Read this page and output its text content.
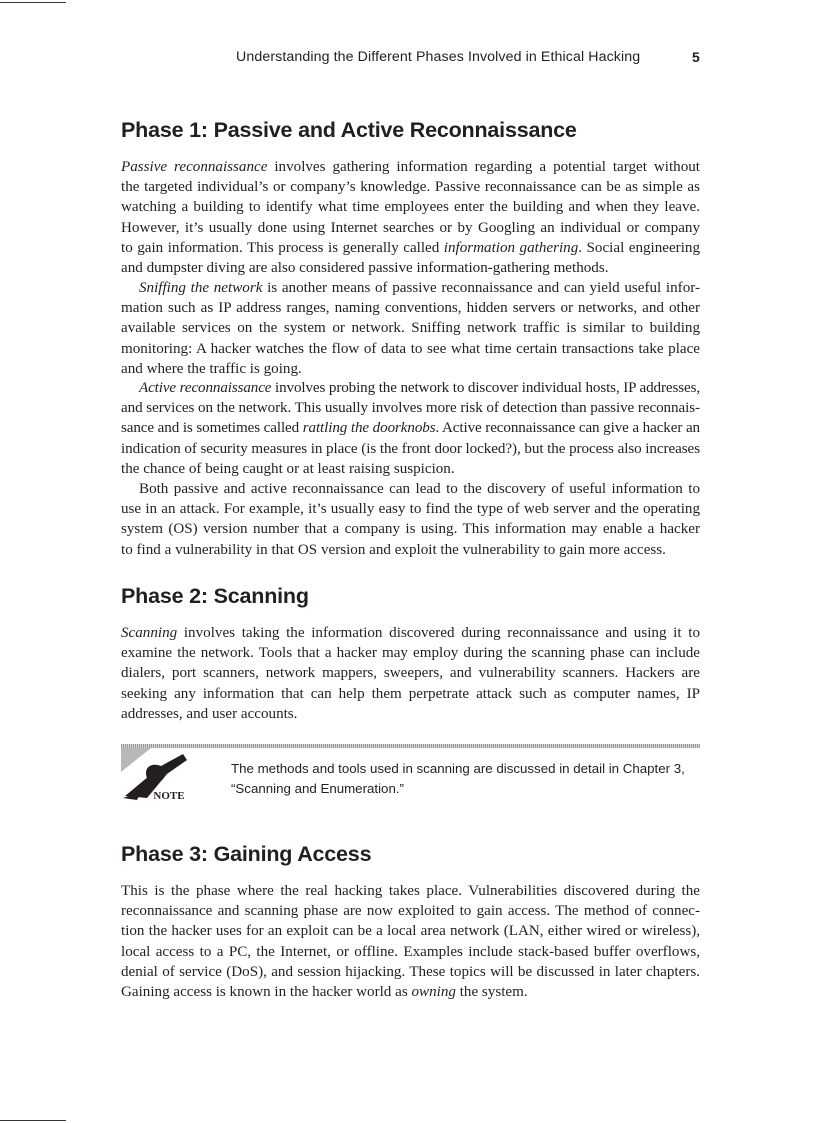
Understanding the Different Phases Involved in Ethical Hacking	5
Phase 1: Passive and Active Reconnaissance

Passive reconnaissance involves gathering information regarding a potential target without
the targeted individual’s or company’s knowledge. Passive reconnaissance can be as simple as
watching a building to identify what time employees enter the building and when they leave.
However, it’s usually done using Internet searches or by Googling an individual or company
to gain information. This process is generally called information gathering. Social engineering
and dumpster diving are also considered passive information-gathering methods.

Sniffing the network is another means of passive reconnaissance and can yield useful infor-
mation such as IP address ranges, naming conventions, hidden servers or networks, and other
available services on the system or network. Sniffing network traffic is similar to building
monitoring: A hacker watches the flow of data to see what time certain transactions take place
and where the traffic is going.

Active reconnaissance involves probing the network to discover individual hosts, IP addresses,
and services on the network. This usually involves more risk of detection than passive reconnais-
sance and is sometimes called rattling the doorknobs. Active reconnaissance can give a hacker an
indication of security measures in place (is the front door locked?), but the process also increases
the chance of being caught or at least raising suspicion.

Both passive and active reconnaissance can lead to the discovery of useful information to
use in an attack. For example, it’s usually easy to find the type of web server and the operating
system (OS) version number that a company is using. This information may enable a hacker
to find a vulnerability in that OS version and exploit the vulnerability to gain more access.

Phase 2: Scanning

Scanning involves taking the information discovered during reconnaissance and using it to
examine the network. Tools that a hacker may employ during the scanning phase can include
dialers, port scanners, network mappers, sweepers, and vulnerability scanners. Hackers are
seeking any information that can help them perpetrate attack such as computer names, IP
addresses, and user accounts.

NOTE
The methods and tools used in scanning are discussed in detail in Chapter 3,
“Scanning and Enumeration.”
Phase 3: Gaining Access

This is the phase where the real hacking takes place. Vulnerabilities discovered during the
reconnaissance and scanning phase are now exploited to gain access. The method of connec-
tion the hacker uses for an exploit can be a local area network (LAN, either wired or wireless),
local access to a PC, the Internet, or offline. Examples include stack-based buffer overflows,
denial of service (DoS), and session hijacking. These topics will be discussed in later chapters.
Gaining access is known in the hacker world as owning the system.
